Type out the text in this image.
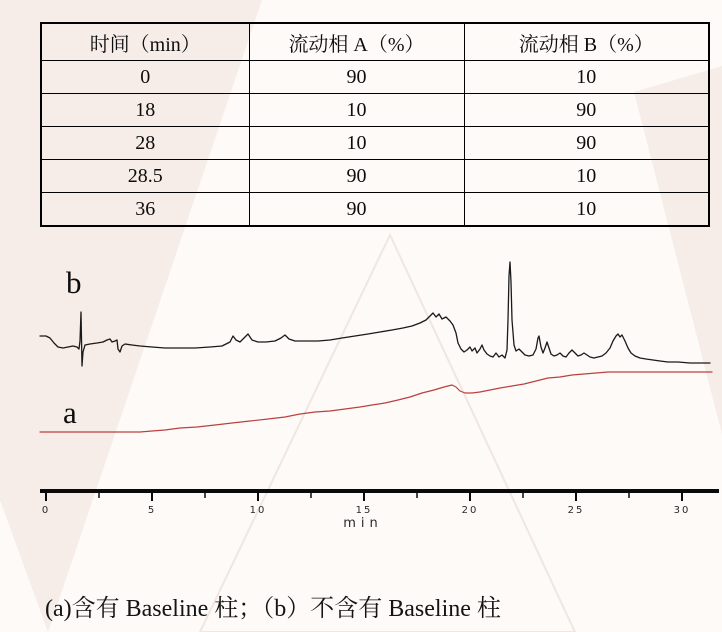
时间（min）	流动相 A（%）	流动相 B（%）
0	90	10
18	10	90
28	10	90
28.5	90	10
36	90	10
0	5	10	15	20	25	30
min
b
a
(a)含有 Baseline 柱；（b）不含有 Baseline 柱
